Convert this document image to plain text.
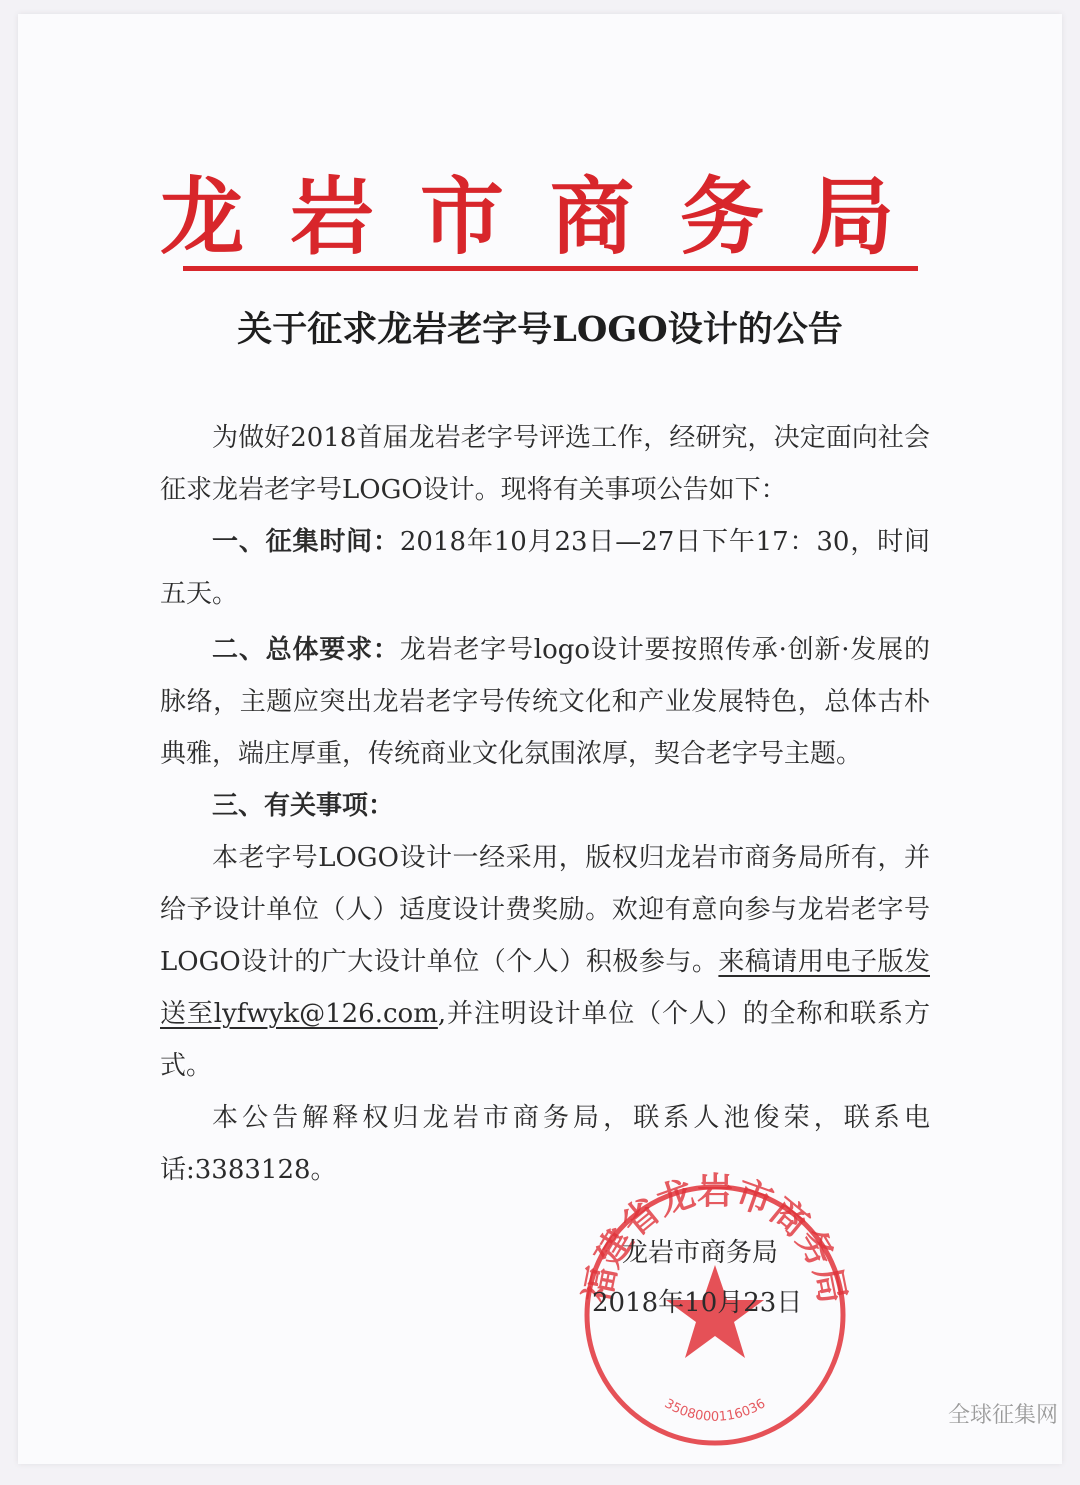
龙岩市商务局
关于征求龙岩老字号LOGO设计的公告

为做好2018首届龙岩老字号评选工作，经研究，决定面向社会征求龙岩老字号LOGO设计。现将有关事项公告如下：

一、征集时间：2018年10月23日—27日下午17：30，时间五天。

二、总体要求：龙岩老字号logo设计要按照传承·创新·发展的脉络，主题应突出龙岩老字号传统文化和产业发展特色，总体古朴典雅，端庄厚重，传统商业文化氛围浓厚，契合老字号主题。

三、有关事项：

本老字号LOGO设计一经采用，版权归龙岩市商务局所有，并给予设计单位（人）适度设计费奖励。欢迎有意向参与龙岩老字号LOGO设计的广大设计单位（个人）积极参与。来稿请用电子版发送至lyfwyk@126.com,并注明设计单位（个人）的全称和联系方式。

本公告解释权归龙岩市商务局，联系人池俊荣，联系电话:3383128。

福建省龙岩市商务局
3508000116036
龙岩市商务局
2018年10月23日
全球征集网
